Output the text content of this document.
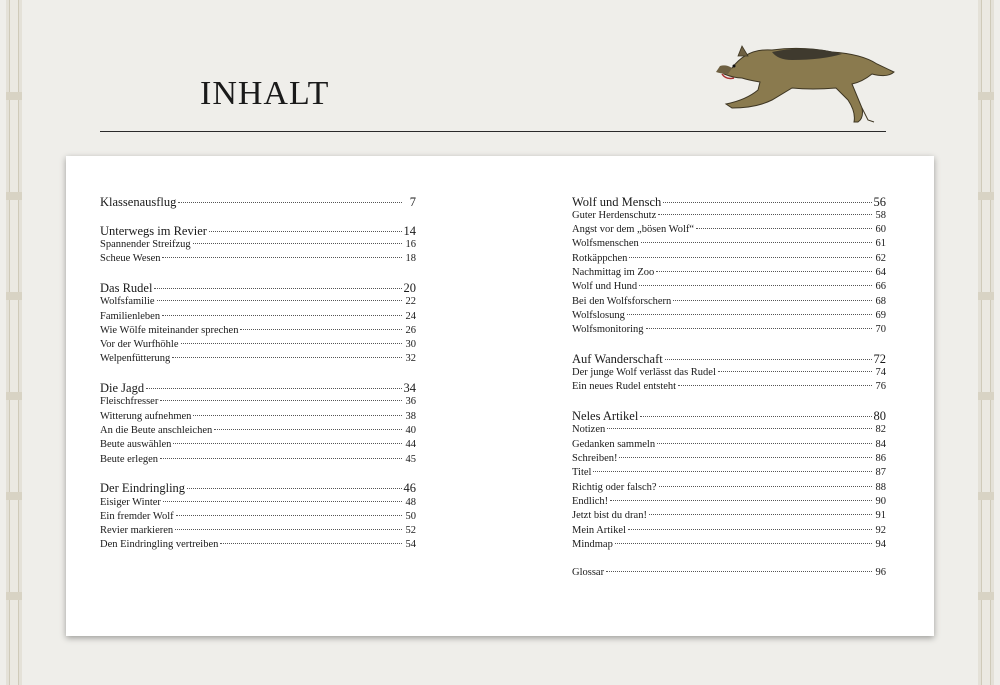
INHALT
Klassenausflug	7
Unterwegs im Revier	14
Spannender Streifzug	16
Scheue Wesen	18
Das Rudel	20
Wolfsfamilie	22
Familienleben	24
Wie Wölfe miteinander sprechen	26
Vor der Wurfhöhle	30
Welpenfütterung	32
Die Jagd	34
Fleischfresser	36
Witterung aufnehmen	38
An die Beute anschleichen	40
Beute auswählen	44
Beute erlegen	45
Der Eindringling	46
Eisiger Winter	48
Ein fremder Wolf	50
Revier markieren	52
Den Eindringling vertreiben	54
Wolf und Mensch	56
Guter Herdenschutz	58
Angst vor dem „bösen Wolf“	60
Wolfsmenschen	61
Rotkäppchen	62
Nachmittag im Zoo	64
Wolf und Hund	66
Bei den Wolfsforschern	68
Wolfslosung	69
Wolfsmonitoring	70
Auf Wanderschaft	72
Der junge Wolf verlässt das Rudel	74
Ein neues Rudel entsteht	76
Neles Artikel	80
Notizen	82
Gedanken sammeln	84
Schreiben!	86
Titel	87
Richtig oder falsch?	88
Endlich!	90
Jetzt bist du dran!	91
Mein Artikel	92
Mindmap	94
Glossar	96
